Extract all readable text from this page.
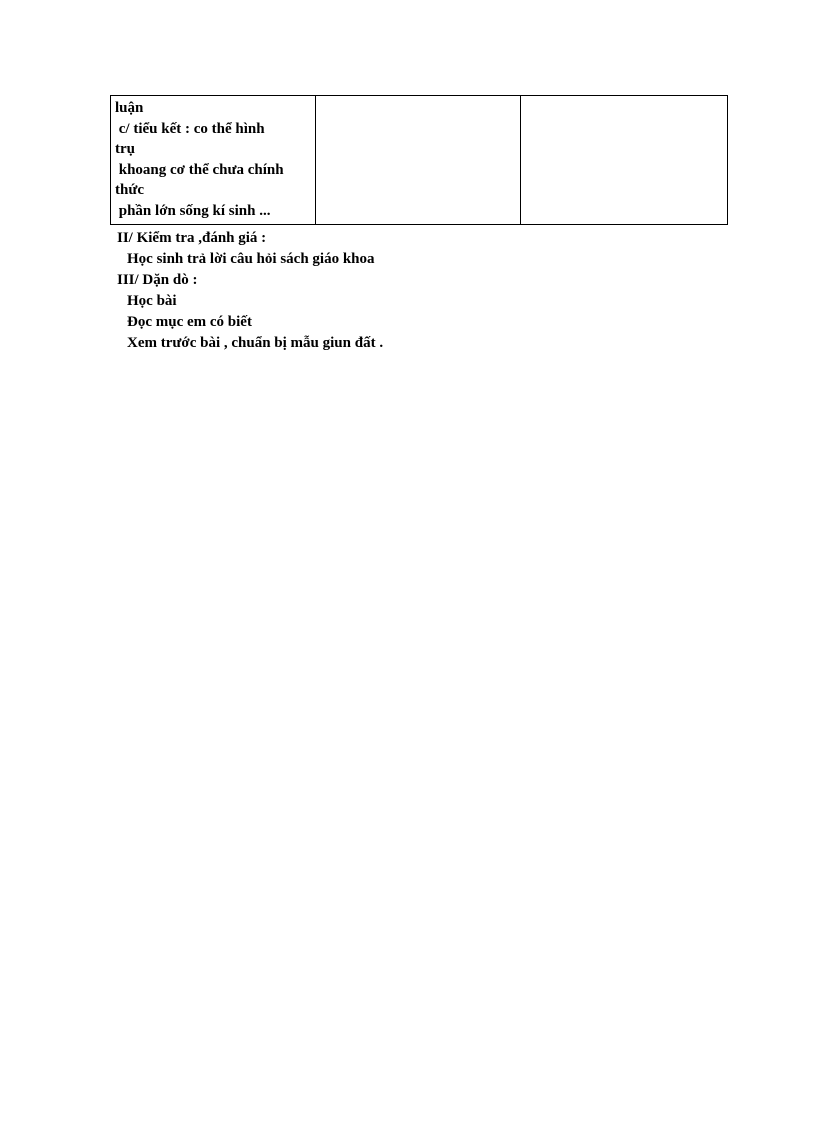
luận
c/ tiểu kết : co thể hình
trụ
khoang cơ thể chưa chính
thức
phần lớn sống kí sinh ...

II/ Kiểm tra ,đánh giá :
Học sinh trả lời câu hỏi sách giáo khoa
III/ Dặn dò :
Học bài
Đọc mục em có biết
Xem trước bài , chuẩn bị mẫu giun đất .
